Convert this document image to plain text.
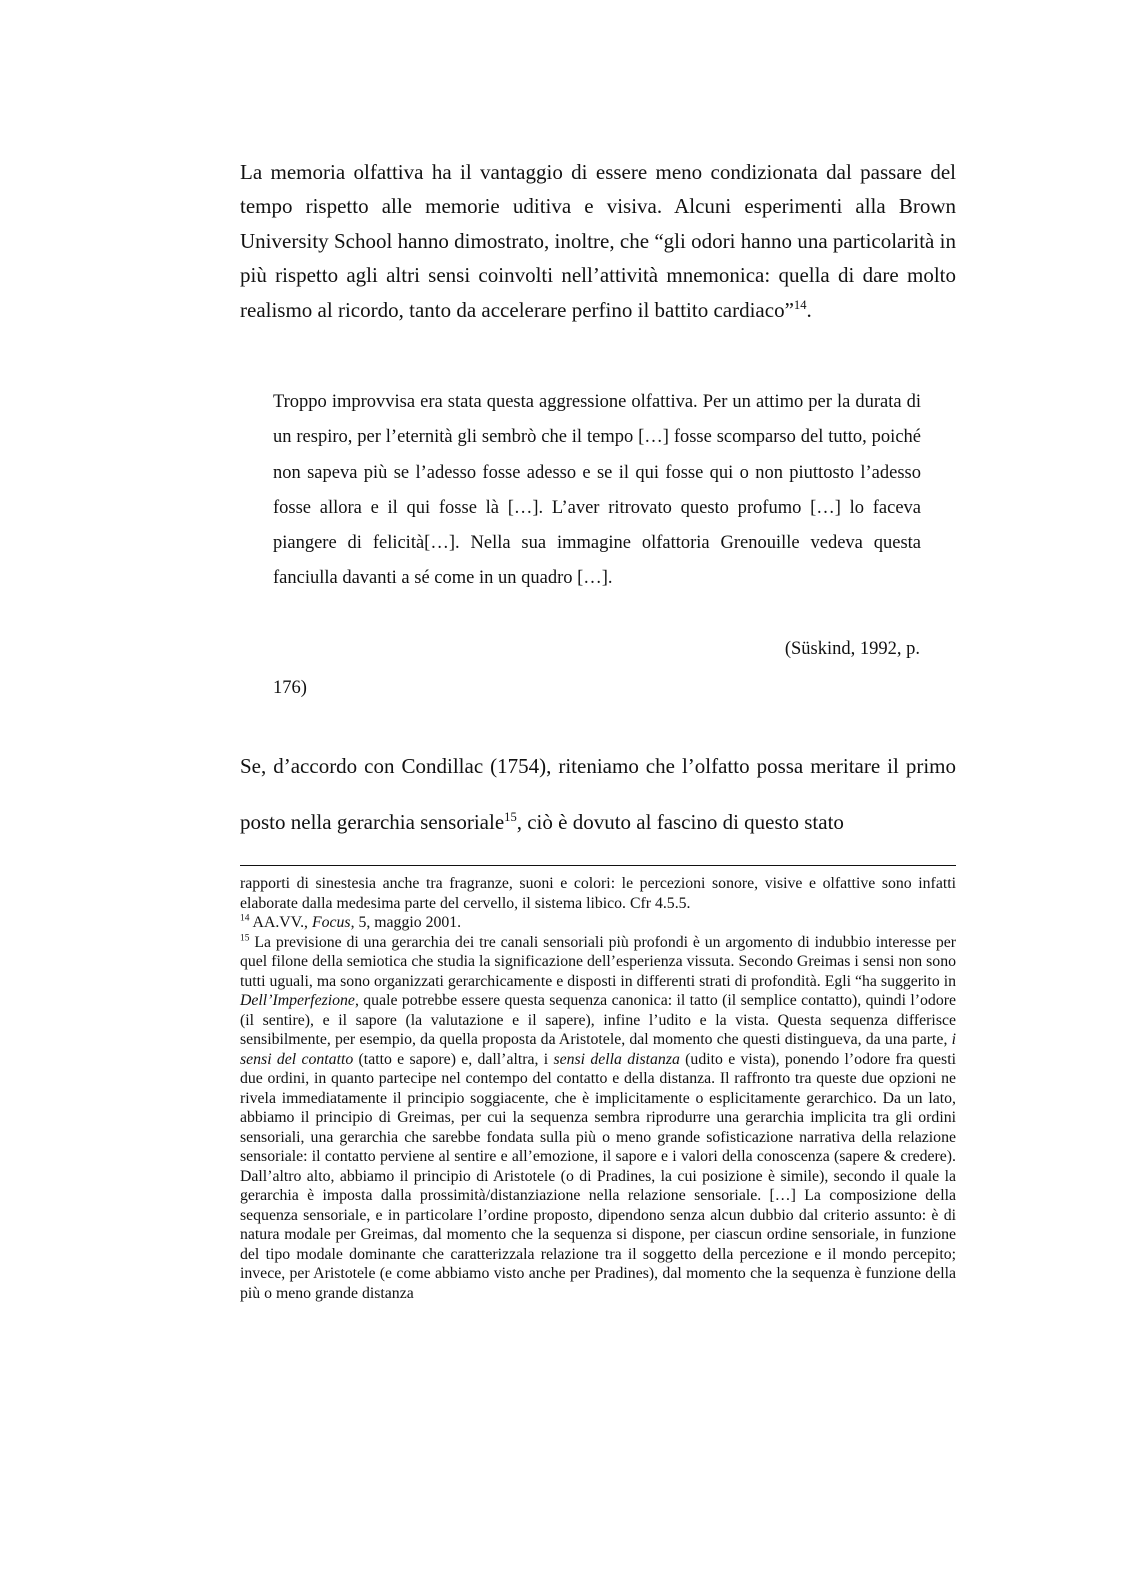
La memoria olfattiva ha il vantaggio di essere meno condizionata dal passare del tempo rispetto alle memorie uditiva e visiva. Alcuni esperimenti alla Brown University School hanno dimostrato, inoltre, che “gli odori hanno una particolarità in più rispetto agli altri sensi coinvolti nell’attività mnemonica: quella di dare molto realismo al ricordo, tanto da accelerare perfino il battito cardiaco”$^{14}$.

Troppo improvvisa era stata questa aggressione olfattiva. Per un attimo per la durata di un respiro, per l’eternità gli sembrò che il tempo […] fosse scomparso del tutto, poiché non sapeva più se l’adesso fosse adesso e se il qui fosse qui o non piuttosto l’adesso fosse allora e il qui fosse là […]. L’aver ritrovato questo profumo […] lo faceva piangere di felicità[…]. Nella sua immagine olfattoria Grenouille vedeva questa fanciulla davanti a sé come in un quadro […].

(Süskind, 1992, p.

176)

Se, d’accordo con Condillac (1754), riteniamo che l’olfatto possa meritare il primo posto nella gerarchia sensoriale$^{15}$, ciò è dovuto al fascino di questo stato

rapporti di sinestesia anche tra fragranze, suoni e colori: le percezioni sonore, visive e olfattive sono infatti elaborate dalla medesima parte del cervello, il sistema libico. Cfr 4.5.5.

$^{14}$ AA.VV., Focus, 5, maggio 2001.

$^{15}$ La previsione di una gerarchia dei tre canali sensoriali più profondi è un argomento di indubbio interesse per quel filone della semiotica che studia la significazione dell’esperienza vissuta. Secondo Greimas i sensi non sono tutti uguali, ma sono organizzati gerarchicamente e disposti in differenti strati di profondità. Egli “ha suggerito in Dell’Imperfezione, quale potrebbe essere questa sequenza canonica: il tatto (il semplice contatto), quindi l’odore (il sentire), e il sapore (la valutazione e il sapere), infine l’udito e la vista. Questa sequenza differisce sensibilmente, per esempio, da quella proposta da Aristotele, dal momento che questi distingueva, da una parte, i sensi del contatto (tatto e sapore) e, dall’altra, i sensi della distanza (udito e vista), ponendo l’odore fra questi due ordini, in quanto partecipe nel contempo del contatto e della distanza. Il raffronto tra queste due opzioni ne rivela immediatamente il principio soggiacente, che è implicitamente o esplicitamente gerarchico. Da un lato, abbiamo il principio di Greimas, per cui la sequenza sembra riprodurre una gerarchia implicita tra gli ordini sensoriali, una gerarchia che sarebbe fondata sulla più o meno grande sofisticazione narrativa della relazione sensoriale: il contatto perviene al sentire e all’emozione, il sapore e i valori della conoscenza (sapere & credere). Dall’altro alto, abbiamo il principio di Aristotele (o di Pradines, la cui posizione è simile), secondo il quale la gerarchia è imposta dalla prossimità/distanziazione nella relazione sensoriale. […] La composizione della sequenza sensoriale, e in particolare l’ordine proposto, dipendono senza alcun dubbio dal criterio assunto: è di natura modale per Greimas, dal momento che la sequenza si dispone, per ciascun ordine sensoriale, in funzione del tipo modale dominante che caratterizzala relazione tra il soggetto della percezione e il mondo percepito; invece, per Aristotele (e come abbiamo visto anche per Pradines), dal momento che la sequenza è funzione della più o meno grande distanza
